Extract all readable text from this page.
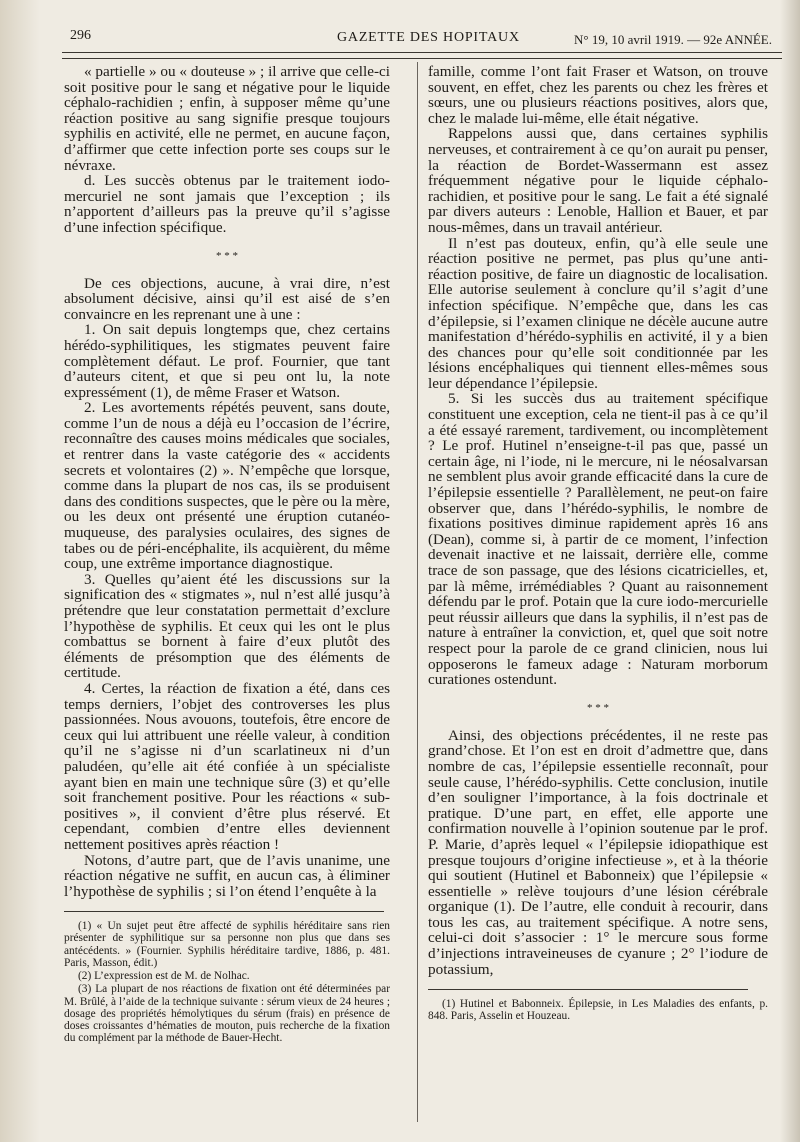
296	GAZETTE DES HOPITAUX	N° 19, 10 avril 1919. — 92e ANNÉE.

« partielle » ou « douteuse » ; il arrive que celle-ci soit positive pour le sang et négative pour le liquide céphalo-rachidien ; enfin, à supposer même qu’une réaction positive au sang signifie presque toujours syphilis en activité, elle ne permet, en aucune façon, d’affirmer que cette infection porte ses coups sur le névraxe.

d. Les succès obtenus par le traitement iodo-mercuriel ne sont jamais que l’exception ; ils n’apportent d’ailleurs pas la preuve qu’il s’agisse d’une infection spécifique.

* * *

De ces objections, aucune, à vrai dire, n’est absolument décisive, ainsi qu’il est aisé de s’en convaincre en les reprenant une à une :

1. On sait depuis longtemps que, chez certains hérédo-syphilitiques, les stigmates peuvent faire complètement défaut. Le prof. Fournier, que tant d’auteurs citent, et que si peu ont lu, la note expressément (1), de même Fraser et Watson.

2. Les avortements répétés peuvent, sans doute, comme l’un de nous a déjà eu l’occasion de l’écrire, reconnaître des causes moins médicales que sociales, et rentrer dans la vaste catégorie des « accidents secrets et volontaires (2) ». N’empêche que lorsque, comme dans la plupart de nos cas, ils se produisent dans des conditions suspectes, que le père ou la mère, ou les deux ont présenté une éruption cutanéo-muqueuse, des paralysies oculaires, des signes de tabes ou de péri-encéphalite, ils acquièrent, du même coup, une extrême importance diagnostique.

3. Quelles qu’aient été les discussions sur la signification des « stigmates », nul n’est allé jusqu’à prétendre que leur constatation permettait d’exclure l’hypothèse de syphilis. Et ceux qui les ont le plus combattus se bornent à faire d’eux plutôt des éléments de présomption que des éléments de certitude.

4. Certes, la réaction de fixation a été, dans ces temps derniers, l’objet des controverses les plus passionnées. Nous avouons, toutefois, être encore de ceux qui lui attribuent une réelle valeur, à condition qu’il ne s’agisse ni d’un scarlatineux ni d’un paludéen, qu’elle ait été confiée à un spécialiste ayant bien en main une technique sûre (3) et qu’elle soit franchement positive. Pour les réactions « sub-positives », il convient d’être plus réservé. Et cependant, combien d’entre elles deviennent nettement positives après réaction !

Notons, d’autre part, que de l’avis unanime, une réaction négative ne suffit, en aucun cas, à éliminer l’hypothèse de syphilis ; si l’on étend l’enquête à la

(1) « Un sujet peut être affecté de syphilis héréditaire sans rien présenter de syphilitique sur sa personne non plus que dans ses antécédents. » (Fournier. Syphilis héréditaire tardive, 1886, p. 481. Paris, Masson, édit.)

(2) L’expression est de M. de Nolhac.

(3) La plupart de nos réactions de fixation ont été déterminées par M. Brûlé, à l’aide de la technique suivante : sérum vieux de 24 heures ; dosage des propriétés hémolytiques du sérum (frais) en présence de doses croissantes d’hématies de mouton, puis recherche de la fixation du complément par la méthode de Bauer-Hecht.

famille, comme l’ont fait Fraser et Watson, on trouve souvent, en effet, chez les parents ou chez les frères et sœurs, une ou plusieurs réactions positives, alors que, chez le malade lui-même, elle était négative.

Rappelons aussi que, dans certaines syphilis nerveuses, et contrairement à ce qu’on aurait pu penser, la réaction de Bordet-Wassermann est assez fréquemment négative pour le liquide céphalo-rachidien, et positive pour le sang. Le fait a été signalé par divers auteurs : Lenoble, Hallion et Bauer, et par nous-mêmes, dans un travail antérieur.

Il n’est pas douteux, enfin, qu’à elle seule une réaction positive ne permet, pas plus qu’une anti-réaction positive, de faire un diagnostic de localisation. Elle autorise seulement à conclure qu’il s’agit d’une infection spécifique. N’empêche que, dans les cas d’épilepsie, si l’examen clinique ne décèle aucune autre manifestation d’hérédo-syphilis en activité, il y a bien des chances pour qu’elle soit conditionnée par les lésions encéphaliques qui tiennent elles-mêmes sous leur dépendance l’épilepsie.

5. Si les succès dus au traitement spécifique constituent une exception, cela ne tient-il pas à ce qu’il a été essayé rarement, tardivement, ou incomplètement ? Le prof. Hutinel n’enseigne-t-il pas que, passé un certain âge, ni l’iode, ni le mercure, ni le néosalvarsan ne semblent plus avoir grande efficacité dans la cure de l’épilepsie essentielle ? Parallèlement, ne peut-on faire observer que, dans l’hérédo-syphilis, le nombre de fixations positives diminue rapidement après 16 ans (Dean), comme si, à partir de ce moment, l’infection devenait inactive et ne laissait, derrière elle, comme trace de son passage, que des lésions cicatricielles, et, par là même, irrémédiables ? Quant au raisonnement défendu par le prof. Potain que la cure iodo-mercurielle peut réussir ailleurs que dans la syphilis, il n’est pas de nature à entraîner la conviction, et, quel que soit notre respect pour la parole de ce grand clinicien, nous lui opposerons le fameux adage : Naturam morborum curationes ostendunt.

* * *

Ainsi, des objections précédentes, il ne reste pas grand’chose. Et l’on est en droit d’admettre que, dans nombre de cas, l’épilepsie essentielle reconnaît, pour seule cause, l’hérédo-syphilis. Cette conclusion, inutile d’en souligner l’importance, à la fois doctrinale et pratique. D’une part, en effet, elle apporte une confirmation nouvelle à l’opinion soutenue par le prof. P. Marie, d’après lequel « l’épilepsie idiopathique est presque toujours d’origine infectieuse », et à la théorie qui soutient (Hutinel et Babonneix) que l’épilepsie « essentielle » relève toujours d’une lésion cérébrale organique (1). De l’autre, elle conduit à recourir, dans tous les cas, au traitement spécifique. A notre sens, celui-ci doit s’associer : 1° le mercure sous forme d’injections intraveineuses de cyanure ; 2° l’iodure de potassium,

(1) Hutinel et Babonneix. Épilepsie, in Les Maladies des enfants, p. 848. Paris, Asselin et Houzeau.
